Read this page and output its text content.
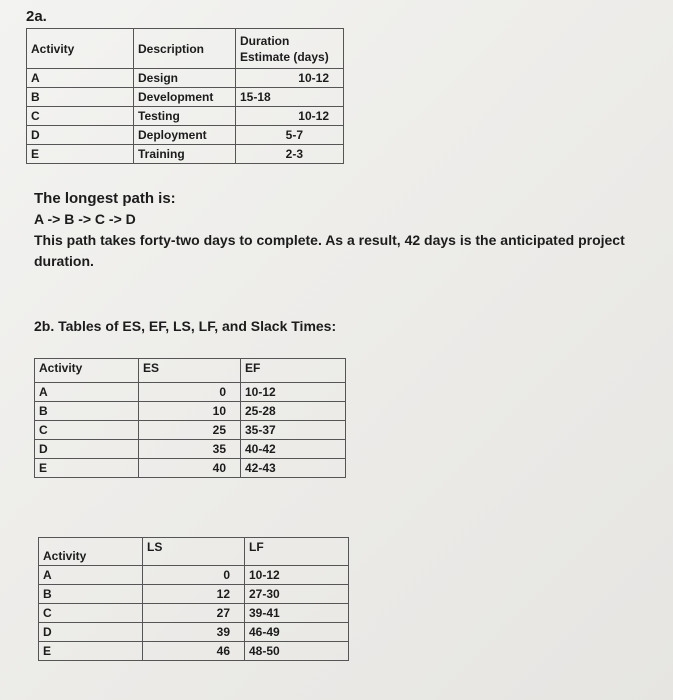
2a.
Activity	Description	Duration
Estimate (days)

A	Design	10-12
B	Development	15-18
C	Testing	10-12
D	Deployment	5-7
E	Training	2-3
The longest path is:
A -> B -> C -> D
This path takes forty-two days to complete. As a result, 42 days is the anticipated project duration.
2b. Tables of ES, EF, LS, LF, and Slack Times:
Activity	ES	EF
A	0	10-12
B	10	25-28
C	25	35-37
D	35	40-42
E	40	42-43
Activity	LS	LF
A	0	10-12
B	12	27-30
C	27	39-41
D	39	46-49
E	46	48-50
